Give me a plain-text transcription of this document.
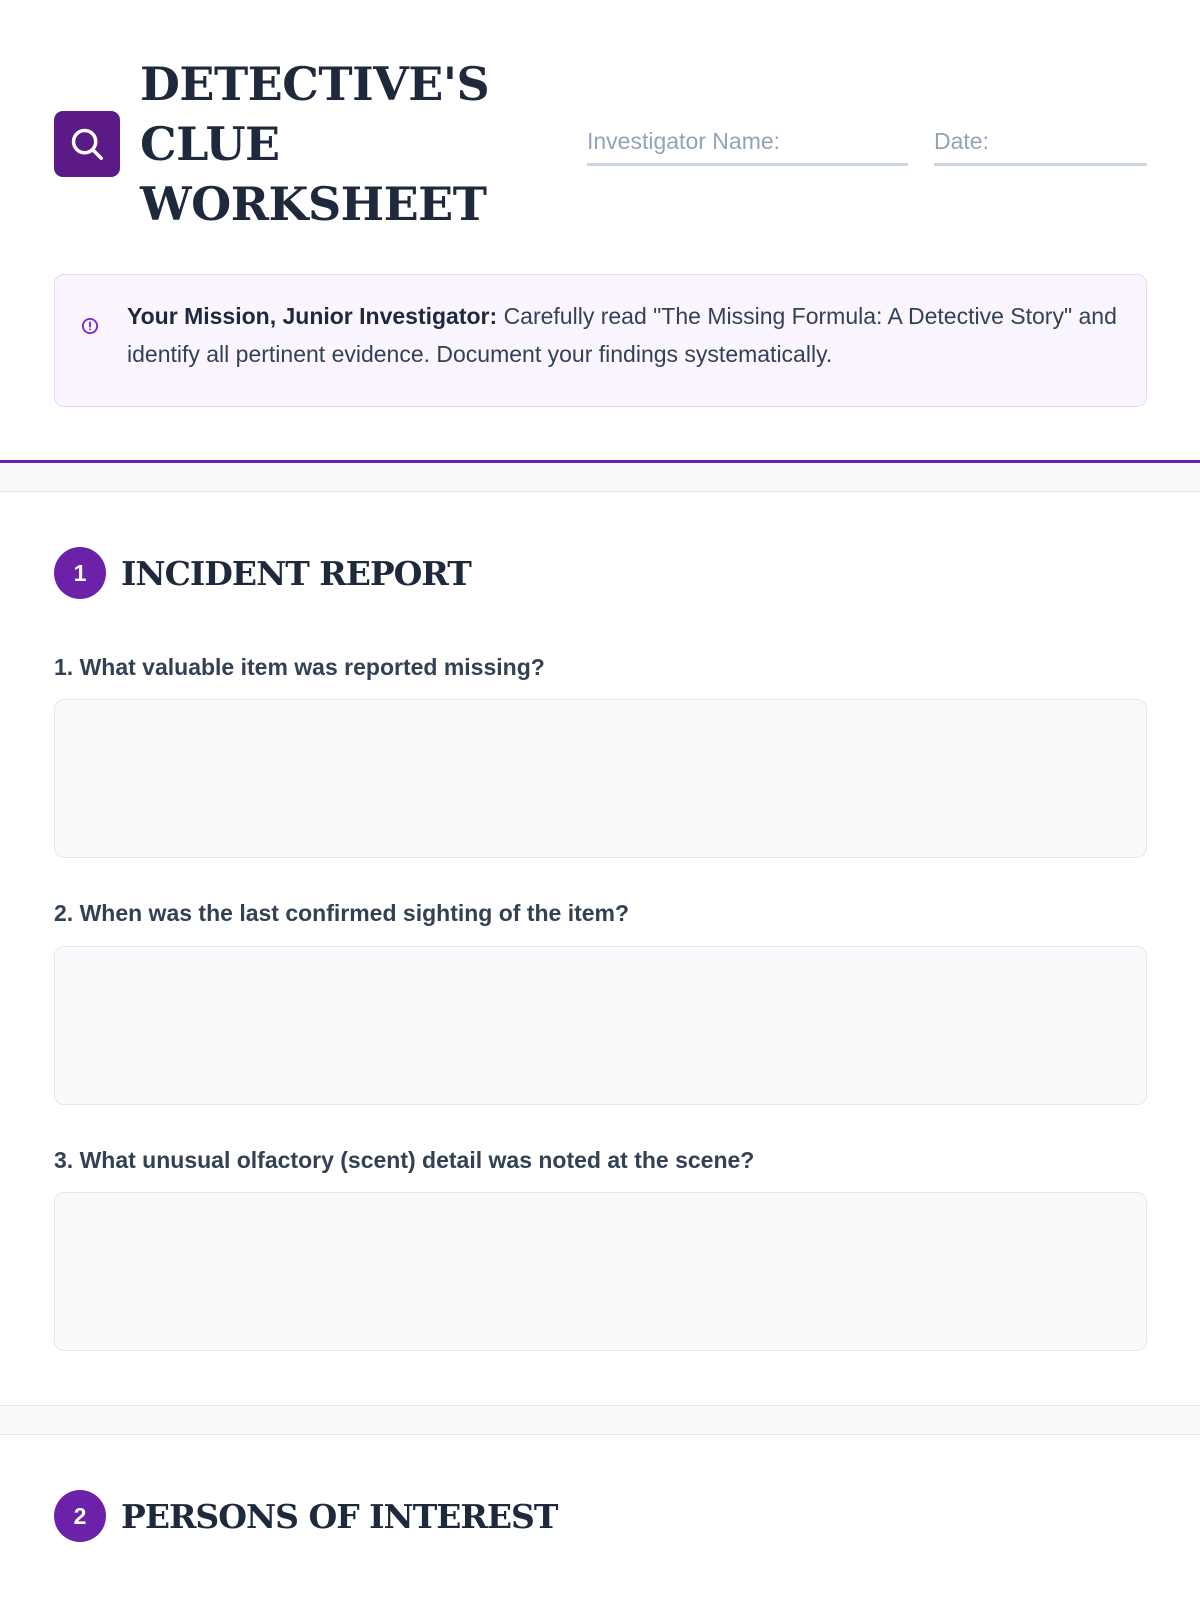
DETECTIVE'S
CLUE
WORKSHEET
Investigator Name:	Date:

Your Mission, Junior Investigator: Carefully read "The Missing Formula: A Detective Story" and identify all pertinent evidence. Document your findings systematically.

1	INCIDENT REPORT
1. What valuable item was reported missing?
2. When was the last confirmed sighting of the item?
3. What unusual olfactory (scent) detail was noted at the scene?
2	PERSONS OF INTEREST
